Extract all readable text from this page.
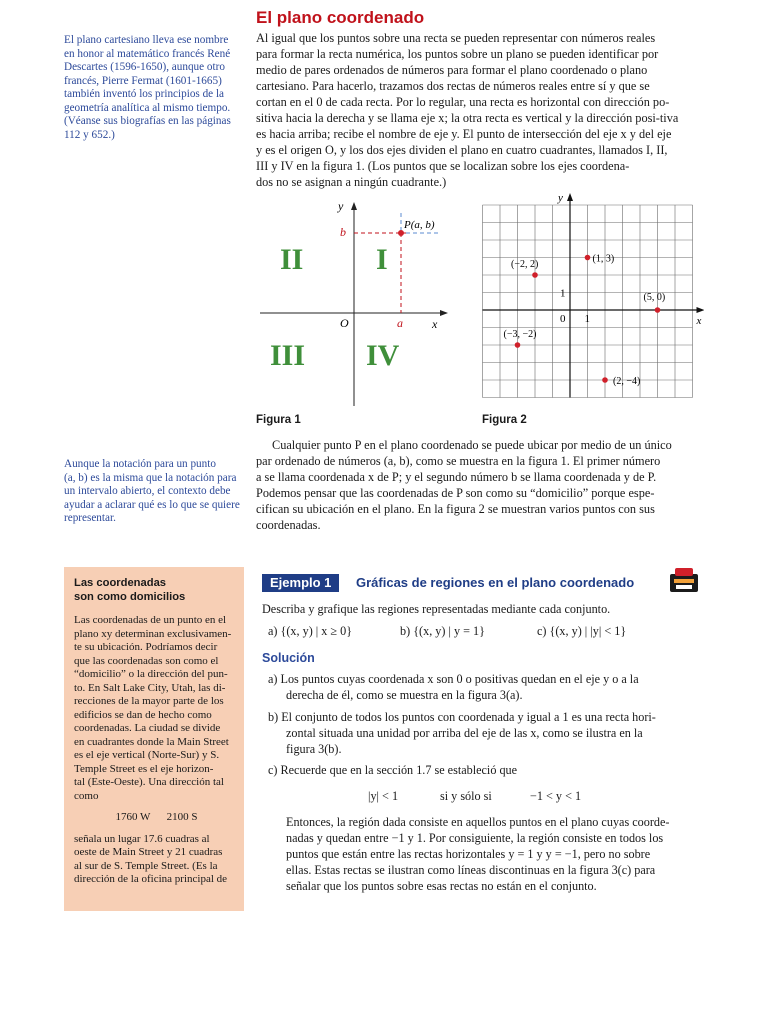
El plano coordenado
El plano cartesiano lleva ese nombre
en honor al matemático francés René
Descartes (1596-1650), aunque otro
francés, Pierre Fermat (1601-1665)
también inventó los principios de la
geometría analítica al mismo tiempo.
(Véanse sus biografías en las páginas
112 y 652.)
Al igual que los puntos sobre una recta se pueden representar con números reales
para formar la recta numérica, los puntos sobre un plano se pueden identificar por
medio de pares ordenados de números para formar el plano coordenado o plano
cartesiano. Para hacerlo, trazamos dos rectas de números reales entre sí y que se
cortan en el 0 de cada recta. Por lo regular, una recta es horizontal con dirección po-
sitiva hacia la derecha y se llama eje x; la otra recta es vertical y la dirección posi-tiva
es hacia arriba; recibe el nombre de eje y. El punto de intersección del eje x y del eje
y es el origen O, y los dos ejes dividen el plano en cuatro cuadrantes, llamados I, II,
III y IV en la figura 1. (Los puntos que se localizan sobre los ejes coordena-
dos no se asignan a ningún cuadrante.)
y
x
O	a
b	P(a, b)
I
II
III IV
Figura 1
y
x
0 1
1
(−2, 2)	(1, 3)
(5, 0)
(−3, −2)
(2, −4)
Figura 2
Cualquier punto P en el plano coordenado se puede ubicar por medio de un único
par ordenado de números (a, b), como se muestra en la figura 1. El primer número
a se llama coordenada x de P; y el segundo número b se llama coordenada y de P.
Podemos pensar que las coordenadas de P son como su “domicilio” porque espe-
cifican su ubicación en el plano. En la figura 2 se muestran varios puntos con sus
coordenadas.
Aunque la notación para un punto
(a, b) es la misma que la notación para
un intervalo abierto, el contexto debe
ayudar a aclarar qué es lo que se quiere
representar.
Las coordenadas
son como domicilios
Las coordenadas de un punto en el
plano xy determinan exclusivamen-
te su ubicación. Podríamos decir
que las coordenadas son como el
“domicilio” o la dirección del pun-
to. En Salt Lake City, Utah, las di-
recciones de la mayor parte de los
edificios se dan de hecho como
coordenadas. La ciudad se divide
en cuadrantes donde la Main Street
es el eje vertical (Norte-Sur) y S.
Temple Street es el eje horizon-
tal (Este-Oeste). Una dirección tal
como
1760 W      2100 S
señala un lugar 17.6 cuadras al
oeste de Main Street y 21 cuadras
al sur de S. Temple Street. (Es la
dirección de la oficina principal de
Ejemplo 1	Gráficas de regiones en el plano coordenado
Describa y grafique las regiones representadas mediante cada conjunto.
a) {(x, y) | x ≥ 0}	b) {(x, y) | y = 1}	c) {(x, y) | |y| < 1}
Solución
a) Los puntos cuyas coordenada x son 0 o positivas quedan en el eje y o a la
derecha de él, como se muestra en la figura 3(a).
b) El conjunto de todos los puntos con coordenada y igual a 1 es una recta hori-
zontal situada una unidad por arriba del eje de las x, como se ilustra en la
figura 3(b).
c) Recuerde que en la sección 1.7 se estableció que
|y| < 1	si y sólo si	−1 < y < 1
Entonces, la región dada consiste en aquellos puntos en el plano cuyas coorde-
nadas y quedan entre −1 y 1. Por consiguiente, la región consiste en todos los
puntos que están entre las rectas horizontales y = 1 y y = −1, pero no sobre
ellas. Estas rectas se ilustran como líneas discontinuas en la figura 3(c) para
señalar que los puntos sobre esas rectas no están en el conjunto.
